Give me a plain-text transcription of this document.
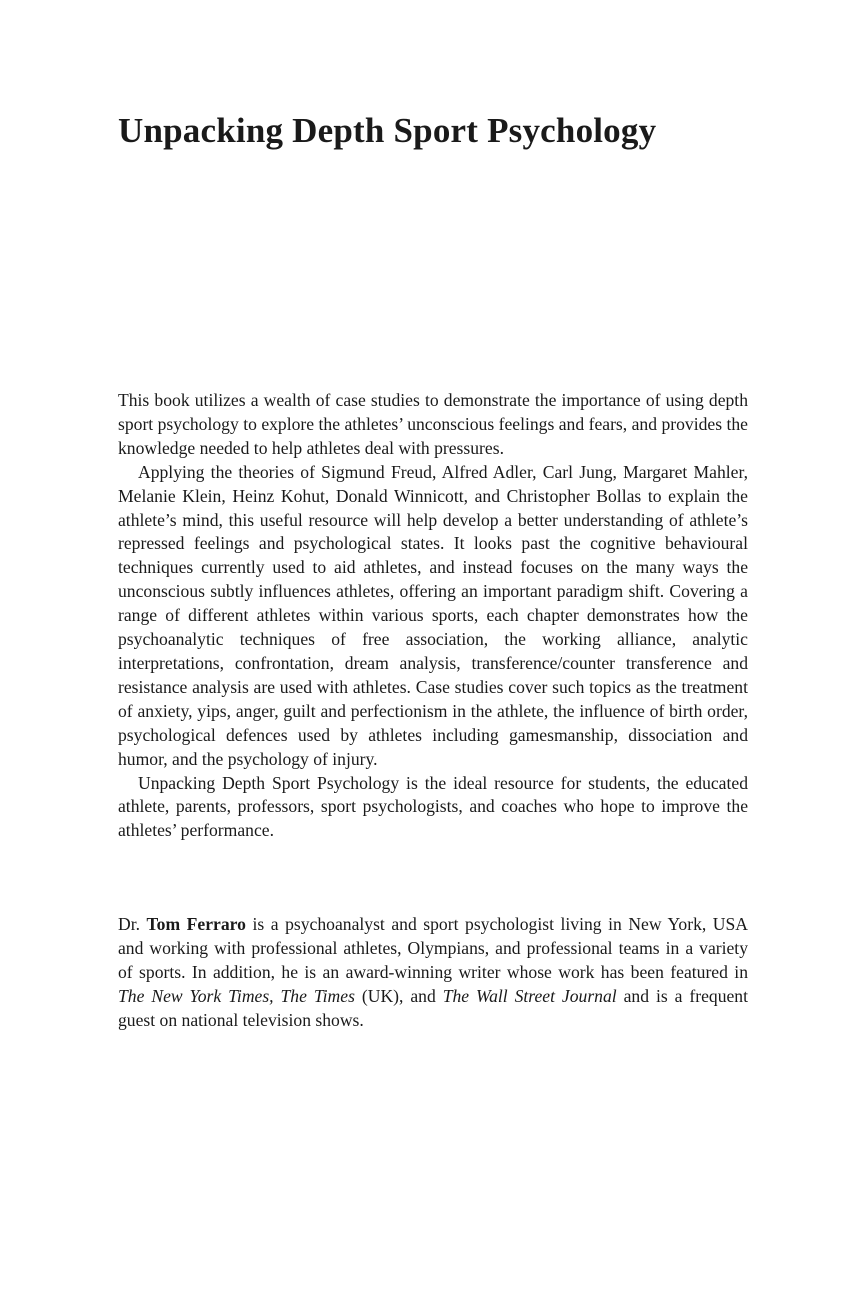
Unpacking Depth Sport Psychology

This book utilizes a wealth of case studies to demonstrate the importance of using depth sport psychology to explore the athletes’ unconscious feelings and fears, and provides the knowledge needed to help athletes deal with pressures.

Applying the theories of Sigmund Freud, Alfred Adler, Carl Jung, Margaret Mahler, Melanie Klein, Heinz Kohut, Donald Winnicott, and Christopher Bollas to explain the athlete’s mind, this useful resource will help develop a better understanding of athlete’s repressed feelings and psychological states. It looks past the cognitive behavioural techniques currently used to aid athletes, and instead focuses on the many ways the unconscious subtly influences athletes, offering an important paradigm shift. Covering a range of different athletes within various sports, each chapter demonstrates how the psychoanalytic techniques of free association, the working alliance, analytic interpretations, confrontation, dream analysis, transference/counter transference and resistance analysis are used with athletes. Case studies cover such topics as the treatment of anxiety, yips, anger, guilt and perfectionism in the athlete, the influence of birth order, psychological defences used by athletes including gamesmanship, dissociation and humor, and the psychology of injury.

Unpacking Depth Sport Psychology is the ideal resource for students, the educated athlete, parents, professors, sport psychologists, and coaches who hope to improve the athletes’ performance.

Dr. Tom Ferraro is a psychoanalyst and sport psychologist living in New York, USA and working with professional athletes, Olympians, and professional teams in a variety of sports. In addition, he is an award-winning writer whose work has been featured in The New York Times, The Times (UK), and The Wall Street Journal and is a frequent guest on national television shows.
